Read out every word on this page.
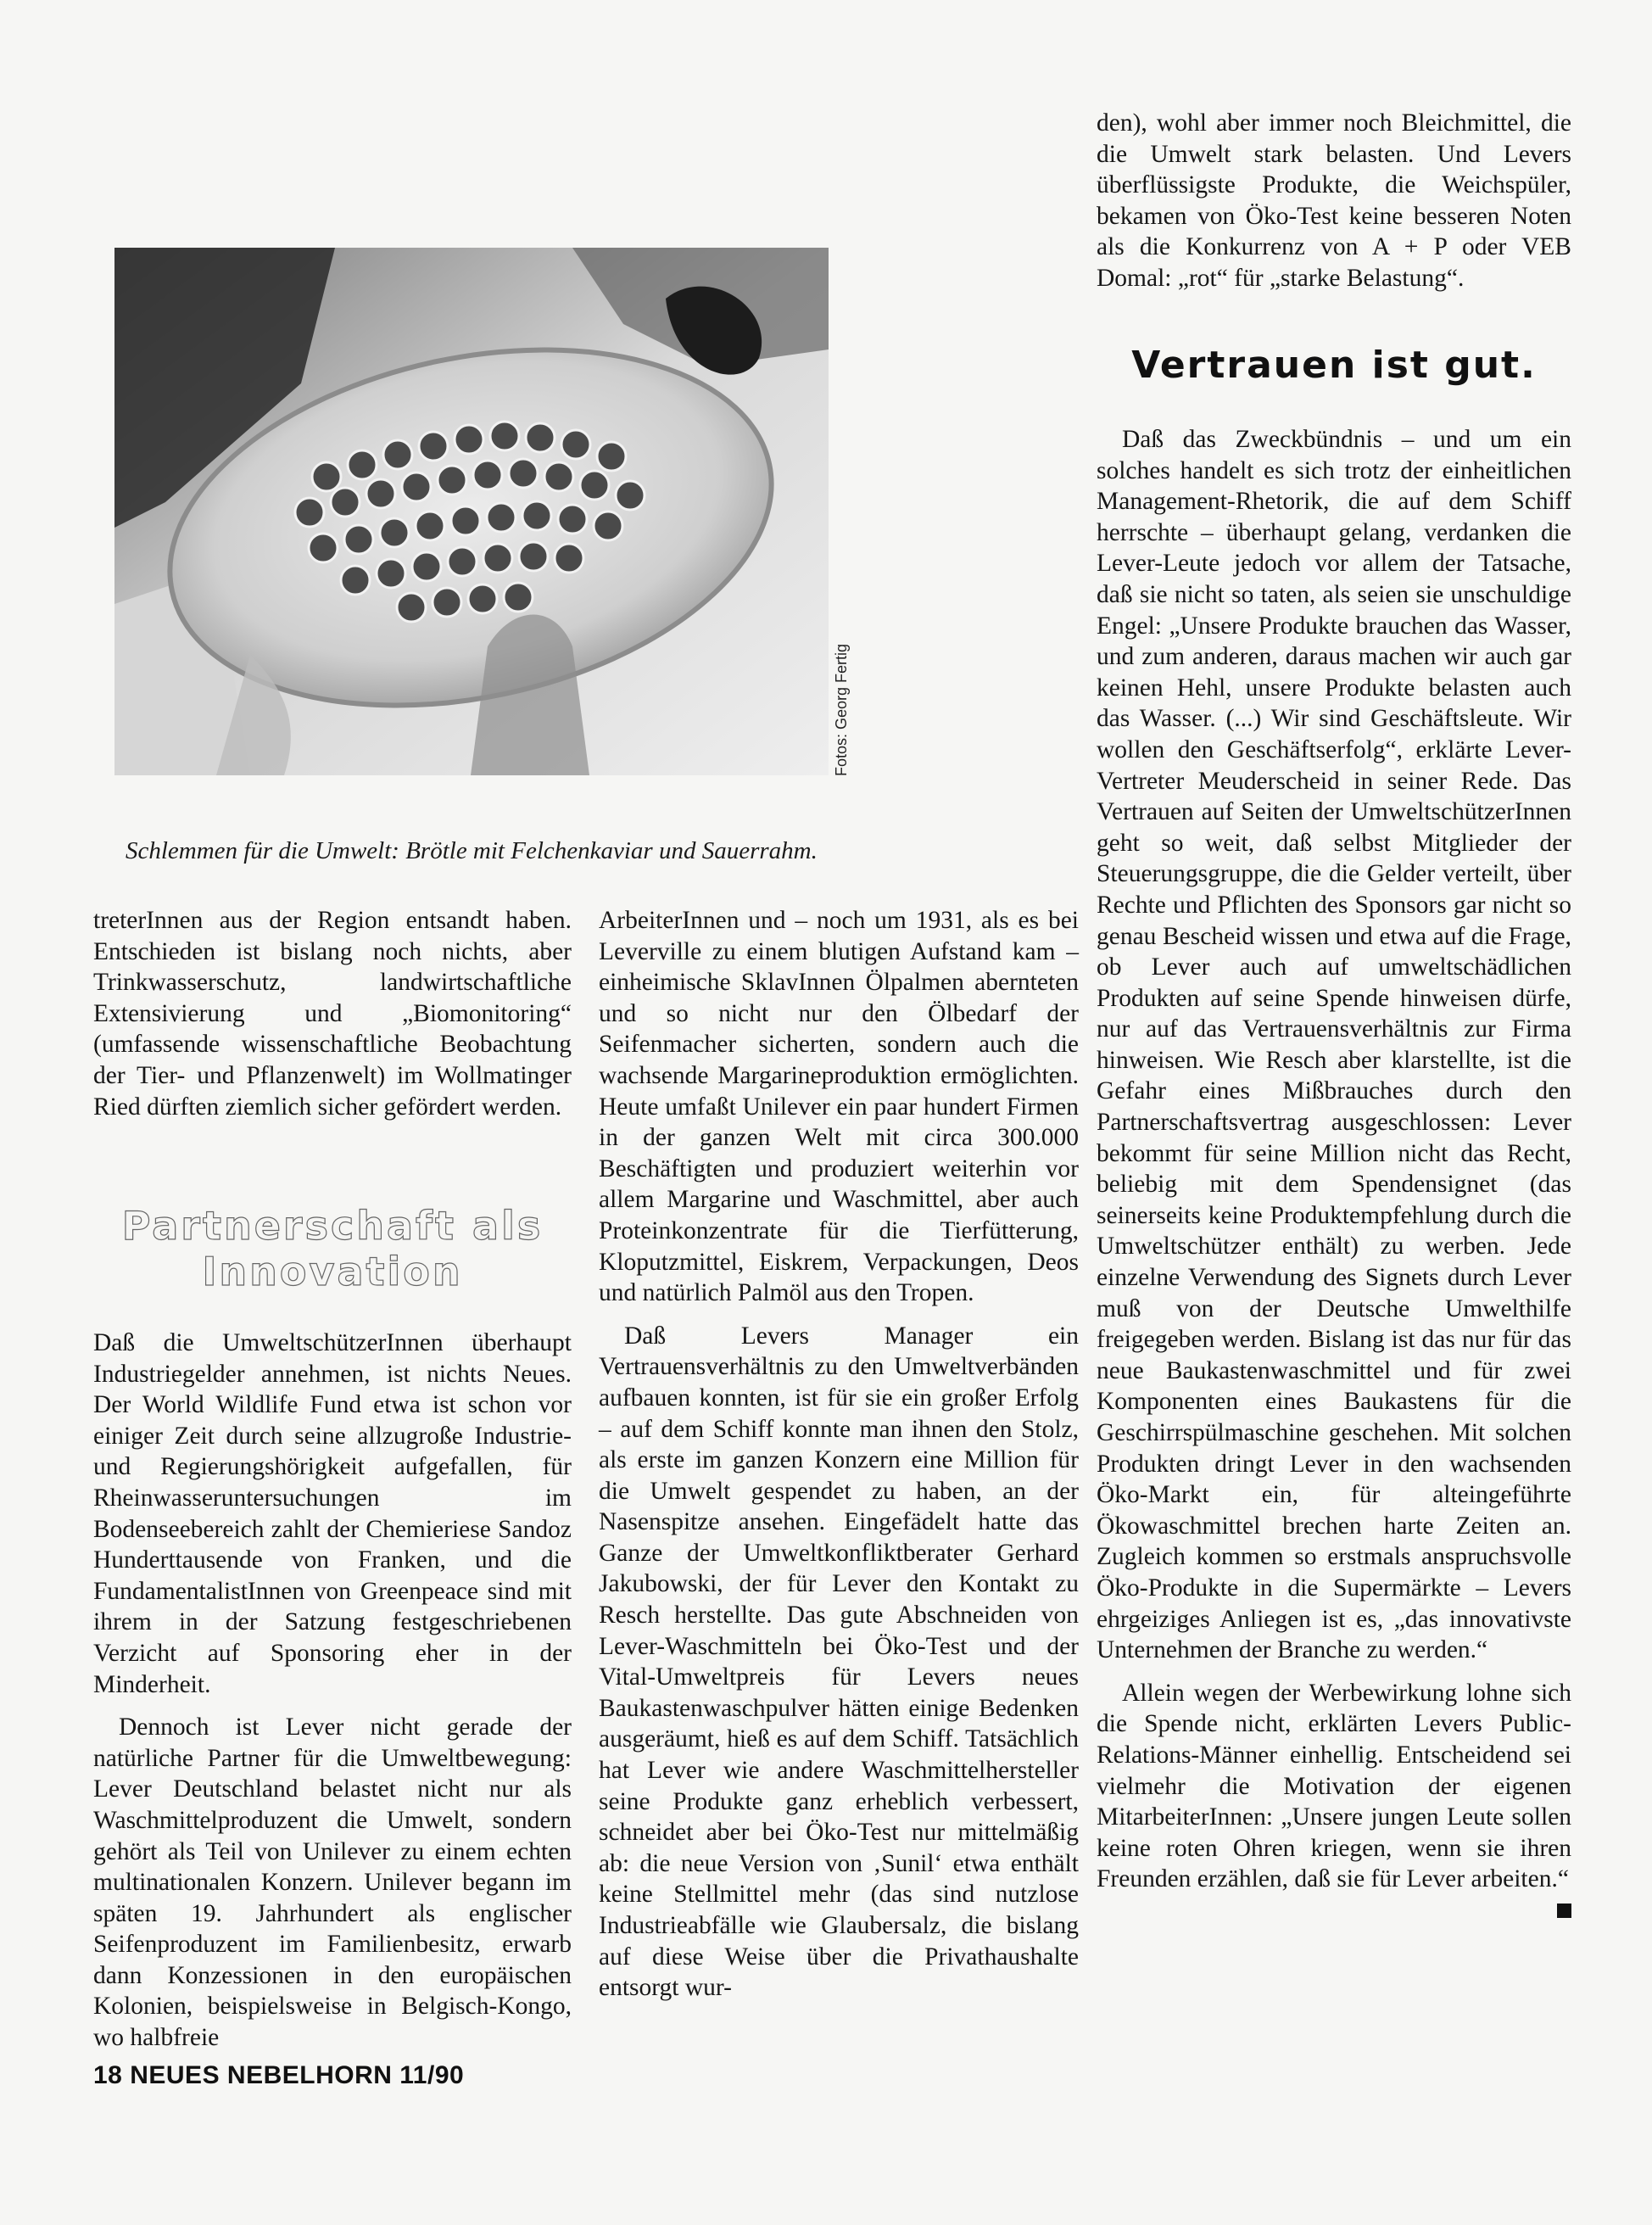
Fotos: Georg Fertig
Schlemmen für die Umwelt: Brötle mit Felchenkaviar und Sauerrahm.

treterInnen aus der Region entsandt haben. Entschieden ist bislang noch nichts, aber Trinkwasserschutz, landwirtschaftliche Extensivierung und „Biomonitoring“ (umfassende wissenschaftliche Beobachtung der Tier- und Pflanzenwelt) im Wollmatinger Ried dürften ziemlich sicher gefördert werden.

Partnerschaft als
Innovation

Daß die UmweltschützerInnen überhaupt Industriegelder annehmen, ist nichts Neues. Der World Wildlife Fund etwa ist schon vor einiger Zeit durch seine allzugroße Industrie- und Regierungshörigkeit aufgefallen, für Rheinwasseruntersuchungen im Bodenseebereich zahlt der Chemieriese Sandoz Hunderttausende von Franken, und die FundamentalistInnen von Greenpeace sind mit ihrem in der Satzung festgeschriebenen Verzicht auf Sponsoring eher in der Minderheit.

Dennoch ist Lever nicht gerade der natürliche Partner für die Umweltbewegung: Lever Deutschland belastet nicht nur als Waschmittelproduzent die Umwelt, sondern gehört als Teil von Unilever zu einem echten multinationalen Konzern. Unilever begann im späten 19. Jahrhundert als englischer Seifenproduzent im Familienbesitz, erwarb dann Konzessionen in den europäischen Kolonien, beispielsweise in Belgisch-Kongo, wo halbfreie

ArbeiterInnen und – noch um 1931, als es bei Leverville zu einem blutigen Aufstand kam – einheimische SklavInnen Ölpalmen abernteten und so nicht nur den Ölbedarf der Seifenmacher sicherten, sondern auch die wachsende Margarineproduktion ermöglichten. Heute umfaßt Unilever ein paar hundert Firmen in der ganzen Welt mit circa 300.000 Beschäftigten und produziert weiterhin vor allem Margarine und Waschmittel, aber auch Proteinkonzentrate für die Tierfütterung, Kloputzmittel, Eiskrem, Verpackungen, Deos und natürlich Palmöl aus den Tropen.

Daß Levers Manager ein Vertrauensverhältnis zu den Umweltverbänden aufbauen konnten, ist für sie ein großer Erfolg – auf dem Schiff konnte man ihnen den Stolz, als erste im ganzen Konzern eine Million für die Umwelt gespendet zu haben, an der Nasenspitze ansehen. Eingefädelt hatte das Ganze der Umweltkonfliktberater Gerhard Jakubowski, der für Lever den Kontakt zu Resch herstellte. Das gute Abschneiden von Lever-Waschmitteln bei Öko-Test und der Vital-Umweltpreis für Levers neues Baukastenwaschpulver hätten einige Bedenken ausgeräumt, hieß es auf dem Schiff. Tatsächlich hat Lever wie andere Waschmittelhersteller seine Produkte ganz erheblich verbessert, schneidet aber bei Öko-Test nur mittelmäßig ab: die neue Version von ‚Sunil‘ etwa enthält keine Stellmittel mehr (das sind nutzlose Industrieabfälle wie Glaubersalz, die bislang auf diese Weise über die Privathaushalte entsorgt wur-

den), wohl aber immer noch Bleichmittel, die die Umwelt stark belasten. Und Levers überflüssigste Produkte, die Weichspüler, bekamen von Öko-Test keine besseren Noten als die Konkurrenz von A + P oder VEB Domal: „rot“ für „starke Belastung“.

Vertrauen ist gut.

Daß das Zweckbündnis – und um ein solches handelt es sich trotz der einheitlichen Management-Rhetorik, die auf dem Schiff herrschte – überhaupt gelang, verdanken die Lever-Leute jedoch vor allem der Tatsache, daß sie nicht so taten, als seien sie unschuldige Engel: „Unsere Produkte brauchen das Wasser, und zum anderen, daraus machen wir auch gar keinen Hehl, unsere Produkte belasten auch das Wasser. (...) Wir sind Geschäftsleute. Wir wollen den Geschäftserfolg“, erklärte Lever-Vertreter Meuderscheid in seiner Rede. Das Vertrauen auf Seiten der UmweltschützerInnen geht so weit, daß selbst Mitglieder der Steuerungsgruppe, die die Gelder verteilt, über Rechte und Pflichten des Sponsors gar nicht so genau Bescheid wissen und etwa auf die Frage, ob Lever auch auf umweltschädlichen Produkten auf seine Spende hinweisen dürfe, nur auf das Vertrauensverhältnis zur Firma hinweisen. Wie Resch aber klarstellte, ist die Gefahr eines Mißbrauches durch den Partnerschaftsvertrag ausgeschlossen: Lever bekommt für seine Million nicht das Recht, beliebig mit dem Spendensignet (das seinerseits keine Produktempfehlung durch die Umweltschützer enthält) zu werben. Jede einzelne Verwendung des Signets durch Lever muß von der Deutsche Umwelthilfe freigegeben werden. Bislang ist das nur für das neue Baukastenwaschmittel und für zwei Komponenten eines Baukastens für die Geschirrspülmaschine geschehen. Mit solchen Produkten dringt Lever in den wachsenden Öko-Markt ein, für alteingeführte Ökowaschmittel brechen harte Zeiten an. Zugleich kommen so erstmals anspruchsvolle Öko-Produkte in die Supermärkte – Levers ehrgeiziges Anliegen ist es, „das innovativste Unternehmen der Branche zu werden.“

Allein wegen der Werbewirkung lohne sich die Spende nicht, erklärten Levers Public-Relations-Männer einhellig. Entscheidend sei vielmehr die Motivation der eigenen MitarbeiterInnen: „Unsere jungen Leute sollen keine roten Ohren kriegen, wenn sie ihren Freunden erzählen, daß sie für Lever arbeiten.“

18 NEUES NEBELHORN 11/90
